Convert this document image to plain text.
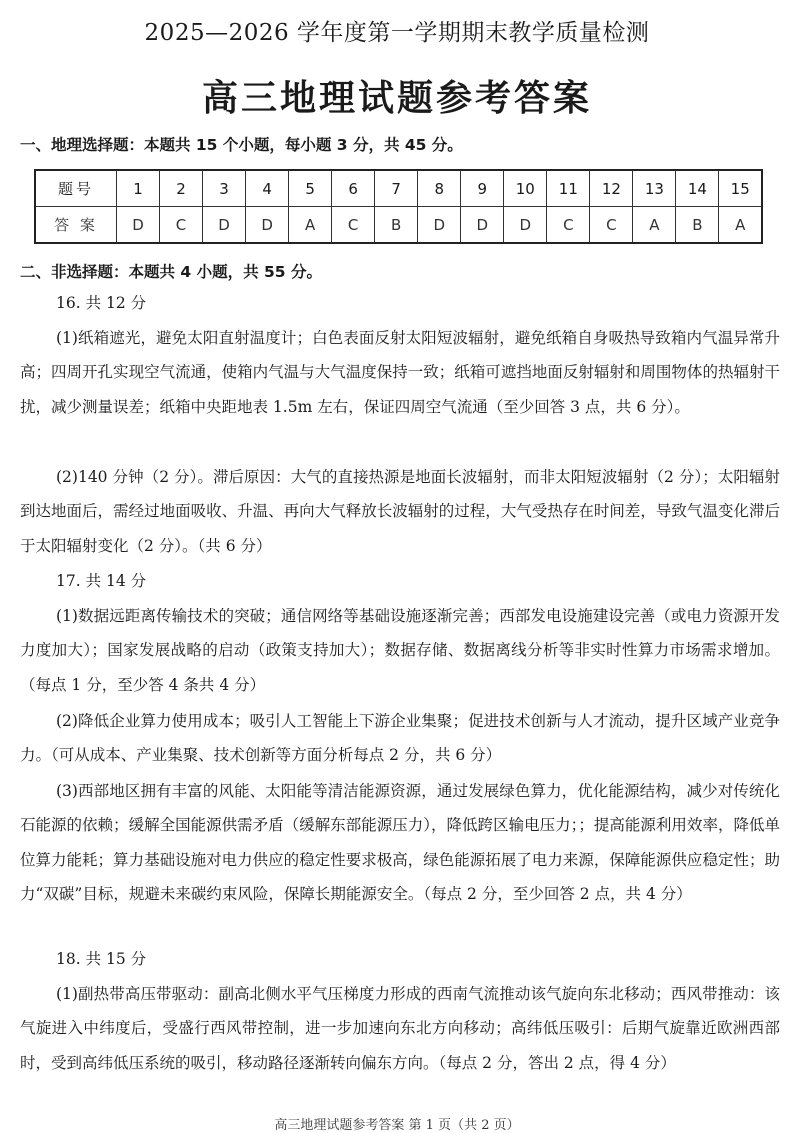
2025—2026 学年度第一学期期末教学质量检测
高三地理试题参考答案
一、地理选择题：本题共 15 个小题，每小题 3 分，共 45 分。
题号	1	2	3	4	5	6	7	8	9	10	11	12	13	14	15
答 案	D	C	D	D	A	C	B	D	D	D	C	C	A	B	A
二、非选择题：本题共 4 小题，共 55 分。
16. 共 12 分
(1)纸箱遮光，避免太阳直射温度计；白色表面反射太阳短波辐射，避免纸箱自身吸热导致箱内气温异常升高；四周开孔实现空气流通，使箱内气温与大气温度保持一致；纸箱可遮挡地面反射辐射和周围物体的热辐射干扰，减少测量误差；纸箱中央距地表 1.5m 左右，保证四周空气流通（至少回答 3 点，共 6 分）。
(2)140 分钟（2 分）。滞后原因：大气的直接热源是地面长波辐射，而非太阳短波辐射（2 分）；太阳辐射到达地面后，需经过地面吸收、升温、再向大气释放长波辐射的过程，大气受热存在时间差，导致气温变化滞后于太阳辐射变化（2 分）。（共 6 分）
17. 共 14 分
(1)数据远距离传输技术的突破；通信网络等基础设施逐渐完善；西部发电设施建设完善（或电力资源开发力度加大）；国家发展战略的启动（政策支持加大）；数据存储、数据离线分析等非实时性算力市场需求增加。（每点 1 分，至少答 4 条共 4 分）
(2)降低企业算力使用成本；吸引人工智能上下游企业集聚；促进技术创新与人才流动，提升区域产业竞争力。（可从成本、产业集聚、技术创新等方面分析每点 2 分，共 6 分）
(3)西部地区拥有丰富的风能、太阳能等清洁能源资源，通过发展绿色算力，优化能源结构，减少对传统化石能源的依赖；缓解全国能源供需矛盾（缓解东部能源压力），降低跨区输电压力；；提高能源利用效率，降低单位算力能耗；算力基础设施对电力供应的稳定性要求极高，绿色能源拓展了电力来源，保障能源供应稳定性；助力“双碳”目标，规避未来碳约束风险，保障长期能源安全。（每点 2 分，至少回答 2 点，共 4 分）
18. 共 15 分
(1)副热带高压带驱动：副高北侧水平气压梯度力形成的西南气流推动该气旋向东北移动；西风带推动：该气旋进入中纬度后，受盛行西风带控制，进一步加速向东北方向移动；高纬低压吸引：后期气旋靠近欧洲西部时，受到高纬低压系统的吸引，移动路径逐渐转向偏东方向。（每点 2 分，答出 2 点，得 4 分）
高三地理试题参考答案 第 1 页（共 2 页）
